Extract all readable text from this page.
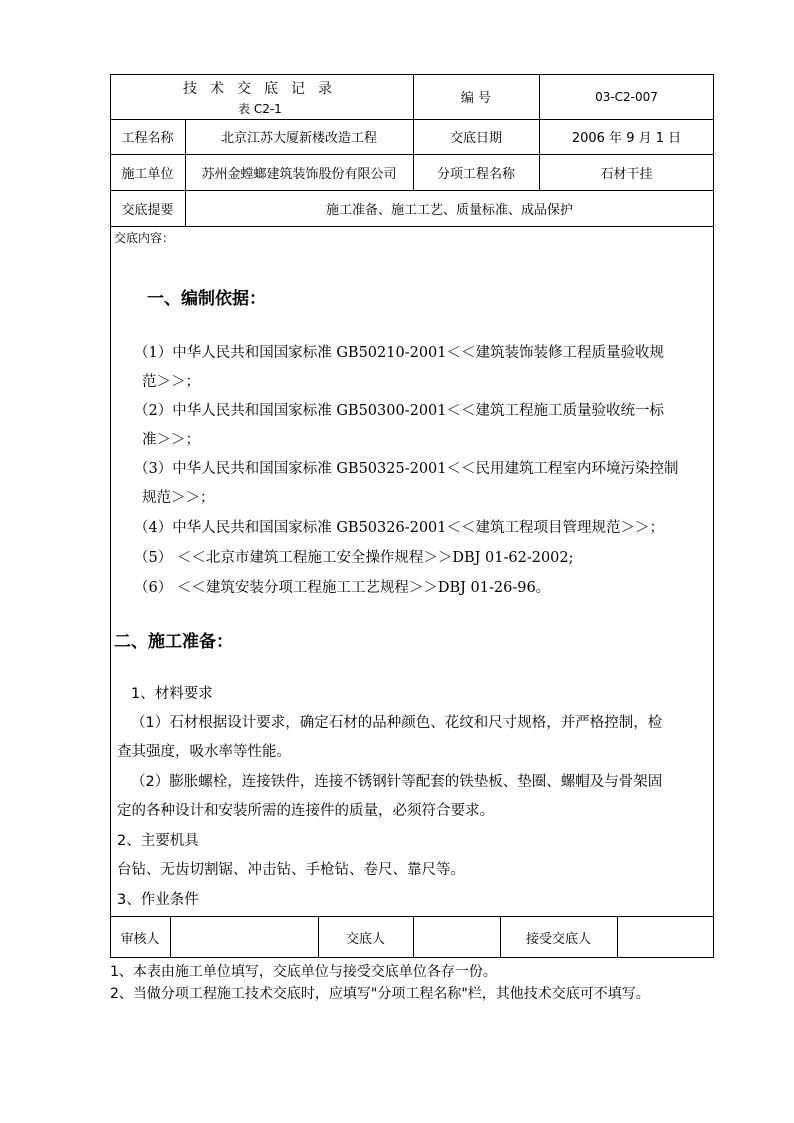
技术交底记录
表 C2-1
编 号	03-C2-007
工程名称	北京江苏大厦新楼改造工程	交底日期	2006 年 9 月 1 日
施工单位	苏州金螳螂建筑装饰股份有限公司	分项工程名称	石材干挂
交底提要	施工准备、施工工艺、质量标准、成品保护
交底内容：
一、编制依据：
（1）中华人民共和国国家标准 GB50210-2001＜＜建筑装饰装修工程质量验收规
范＞＞；
（2）中华人民共和国国家标准 GB50300-2001＜＜建筑工程施工质量验收统一标
准＞＞；
（3）中华人民共和国国家标准 GB50325-2001＜＜民用建筑工程室内环境污染控制
规范＞＞；
（4）中华人民共和国国家标准 GB50326-2001＜＜建筑工程项目管理规范＞＞；
（5） ＜＜北京市建筑工程施工安全操作规程＞＞DBJ 01-62-2002;
（6） ＜＜建筑安装分项工程施工工艺规程＞＞DBJ 01-26-96。
二、施工准备：
1、材料要求
（1）石材根据设计要求，确定石材的品种颜色、花纹和尺寸规格，并严格控制，检
查其强度，吸水率等性能。
（2）膨胀螺栓，连接铁件，连接不锈钢针等配套的铁垫板、垫圈、螺帽及与骨架固
定的各种设计和安装所需的连接件的质量，必须符合要求。
2、主要机具
台钻、无齿切割锯、冲击钻、手枪钻、卷尺、靠尺等。
3、作业条件
审核人	交底人	接受交底人
1、本表由施工单位填写，交底单位与接受交底单位各存一份。
2、当做分项工程施工技术交底时，应填写"分项工程名称"栏，其他技术交底可不填写。
